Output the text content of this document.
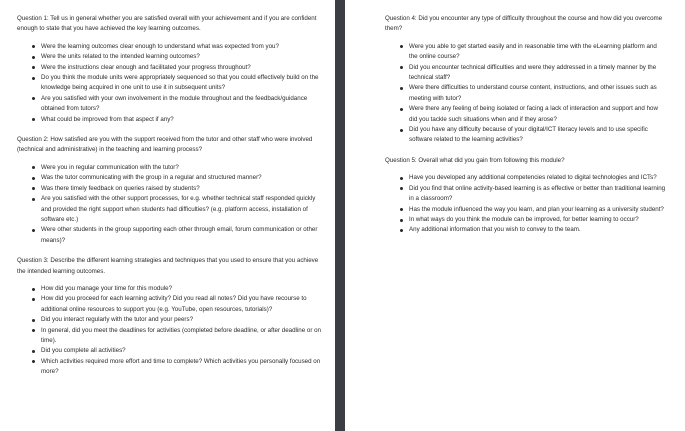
Question 1: Tell us in general whether you are satisfied overall with your achievement and if you are confident enough to state that you have achieved the key learning outcomes.

Were the learning outcomes clear enough to understand what was expected from you?
Were the units related to the intended learning outcomes?
Were the instructions clear enough and facilitated your progress throughout?
Do you think the module units were appropriately sequenced so that you could effectively build on the knowledge being acquired in one unit to use it in subsequent units?
Are you satisfied with your own involvement in the module throughout and the feedback/guidance obtained from tutors?
What could be improved from that aspect if any?

Question 2: How satisfied are you with the support received from the tutor and other staff who were involved (technical and administrative) in the teaching and learning process?

Were you in regular communication with the tutor?
Was the tutor communicating with the group in a regular and structured manner?
Was there timely feedback on queries raised by students?
Are you satisfied with the other support processes, for e.g. whether technical staff responded quickly and provided the right support when students had difficulties? (e.g. platform access, installation of software etc.)
Were other students in the group supporting each other through email, forum communication or other means)?

Question 3: Describe the different learning strategies and techniques that you used to ensure that you achieve the intended learning outcomes.

How did you manage your time for this module?
How did you proceed for each learning activity? Did you read all notes? Did you have recourse to additional online resources to support you (e.g. YouTube, open resources, tutorials)?
Did you interact regularly with the tutor and your peers?
In general, did you meet the deadlines for activities (completed before deadline, or after deadline or on time).
Did you complete all activities?
Which activities required more effort and time to complete? Which activities you personally focused on more?

Question 4: Did you encounter any type of difficulty throughout the course and how did you overcome them?

Were you able to get started easily and in reasonable time with the eLearning platform and the online course?
Did you encounter technical difficulties and were they addressed in a timely manner by the technical staff?
Were there difficulties to understand course content, instructions, and other issues such as meeting with tutor?
Were there any feeling of being isolated or facing a lack of interaction and support and how did you tackle such situations when and if they arose?
Did you have any difficulty because of your digital/ICT literacy levels and to use specific software related to the learning activities?

Question 5: Overall what did you gain from following this module?

Have you developed any additional competencies related to digital technologies and ICTs?
Did you find that online activity-based learning is as effective or better than traditional learning in a classroom?
Has the module influenced the way you learn, and plan your learning as a university student?
In what ways do you think the module can be improved, for better learning to occur?
Any additional information that you wish to convey to the team.
